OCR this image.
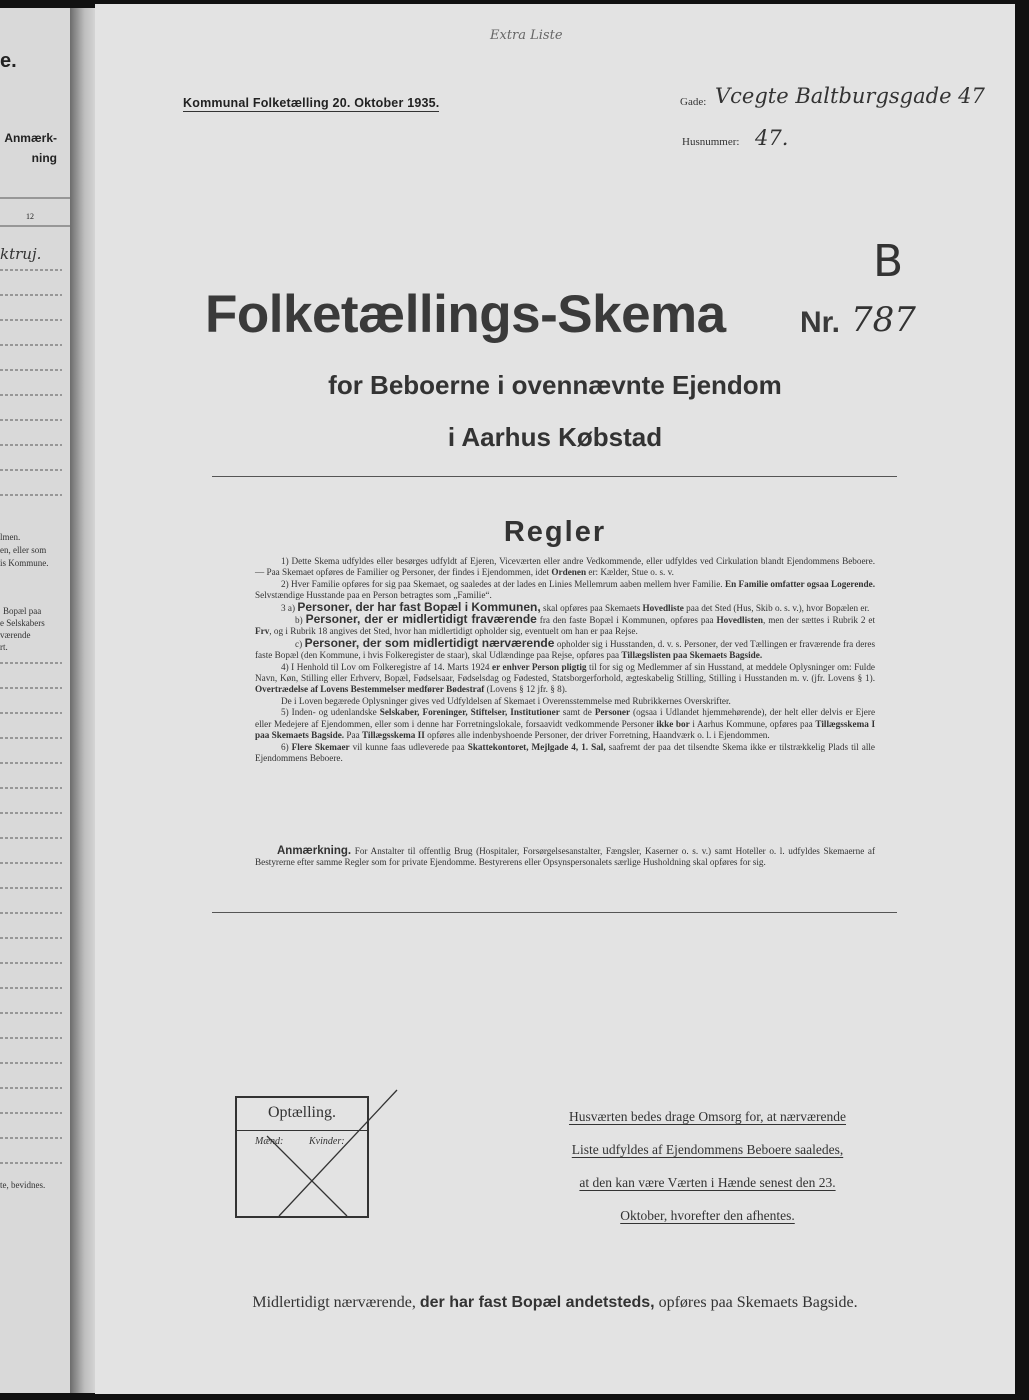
e.
Anmærk- ning
12
ktruj.
lmen.
en, eller som
is Kommune.
Bopæl paa
e Selskabers
værende
rt.
te, bevidnes.
Kommunal Folketælling 20. Oktober 1935.
Extra Liste
Gade: Vcegte Baltburgsgade 47
Husnummer: 47.
B
Folketællings-Skema Nr. 787
for Beboerne i ovennævnte Ejendom
i Aarhus Købstad
Regler

1) Dette Skema udfyldes eller besørges udfyldt af Ejeren, Viceværten eller andre Vedkommende, eller udfyldes ved Cirkulation blandt Ejendommens Beboere. — Paa Skemaet opføres de Familier og Personer, der findes i Ejendommen, idet Ordenen er: Kælder, Stue o. s. v.

2) Hver Familie opføres for sig paa Skemaet, og saaledes at der lades en Linies Mellemrum aaben mellem hver Familie. En Familie omfatter ogsaa Logerende. Selvstændige Husstande paa en Person betragtes som „Familie“.

3 a) Personer, der har fast Bopæl i Kommunen, skal opføres paa Skemaets Hovedliste paa det Sted (Hus, Skib o. s. v.), hvor Bopælen er.

b) Personer, der er midlertidigt fraværende fra den faste Bopæl i Kommunen, opføres paa Hovedlisten, men der sættes i Rubrik 2 et Frv, og i Rubrik 18 angives det Sted, hvor han midlertidigt opholder sig, eventuelt om han er paa Rejse.

c) Personer, der som midlertidigt nærværende opholder sig i Husstanden, d. v. s. Personer, der ved Tællingen er fraværende fra deres faste Bopæl (den Kommune, i hvis Folkeregister de staar), skal Udlændinge paa Rejse, opføres paa Tillægslisten paa Skemaets Bagside.

4) I Henhold til Lov om Folkeregistre af 14. Marts 1924 er enhver Person pligtig til for sig og Medlemmer af sin Husstand, at meddele Oplysninger om: Fulde Navn, Køn, Stilling eller Erhverv, Bopæl, Fødselsaar, Fødselsdag og Fødested, Statsborgerforhold, ægteskabelig Stilling, Stilling i Husstanden m. v. (jfr. Lovens § 1). Overtrædelse af Lovens Bestemmelser medfører Bødestraf (Lovens § 12 jfr. § 8).

De i Loven begærede Oplysninger gives ved Udfyldelsen af Skemaet i Overensstemmelse med Rubrikkernes Overskrifter.

5) Inden- og udenlandske Selskaber, Foreninger, Stiftelser, Institutioner samt de Personer (ogsaa i Udlandet hjemmehørende), der helt eller delvis er Ejere eller Medejere af Ejendommen, eller som i denne har Forretningslokale, forsaavidt vedkommende Personer ikke bor i Aarhus Kommune, opføres paa Tillægsskema I paa Skemaets Bagside. Paa Tillægsskema II opføres alle indenbyshoende Personer, der driver Forretning, Haandværk o. l. i Ejendommen.

6) Flere Skemaer vil kunne faas udleverede paa Skattekontoret, Mejlgade 4, 1. Sal, saafremt der paa det tilsendte Skema ikke er tilstrækkelig Plads til alle Ejendommens Beboere.

Anmærkning. For Anstalter til offentlig Brug (Hospitaler, Forsørgelsesanstalter, Fængsler, Kaserner o. s. v.) samt Hoteller o. l. udfyldes Skemaerne af Bestyrerne efter samme Regler som for private Ejendomme. Bestyrerens eller Opsynspersonalets særlige Husholdning skal opføres for sig.
Optælling.
Mænd:	Kvinder:
Husværten bedes drage Omsorg for, at nærværende
Liste udfyldes af Ejendommens Beboere saaledes,
at den kan være Værten i Hænde senest den 23.
Oktober, hvorefter den afhentes.
Midlertidigt nærværende, der har fast Bopæl andetsteds, opføres paa Skemaets Bagside.
